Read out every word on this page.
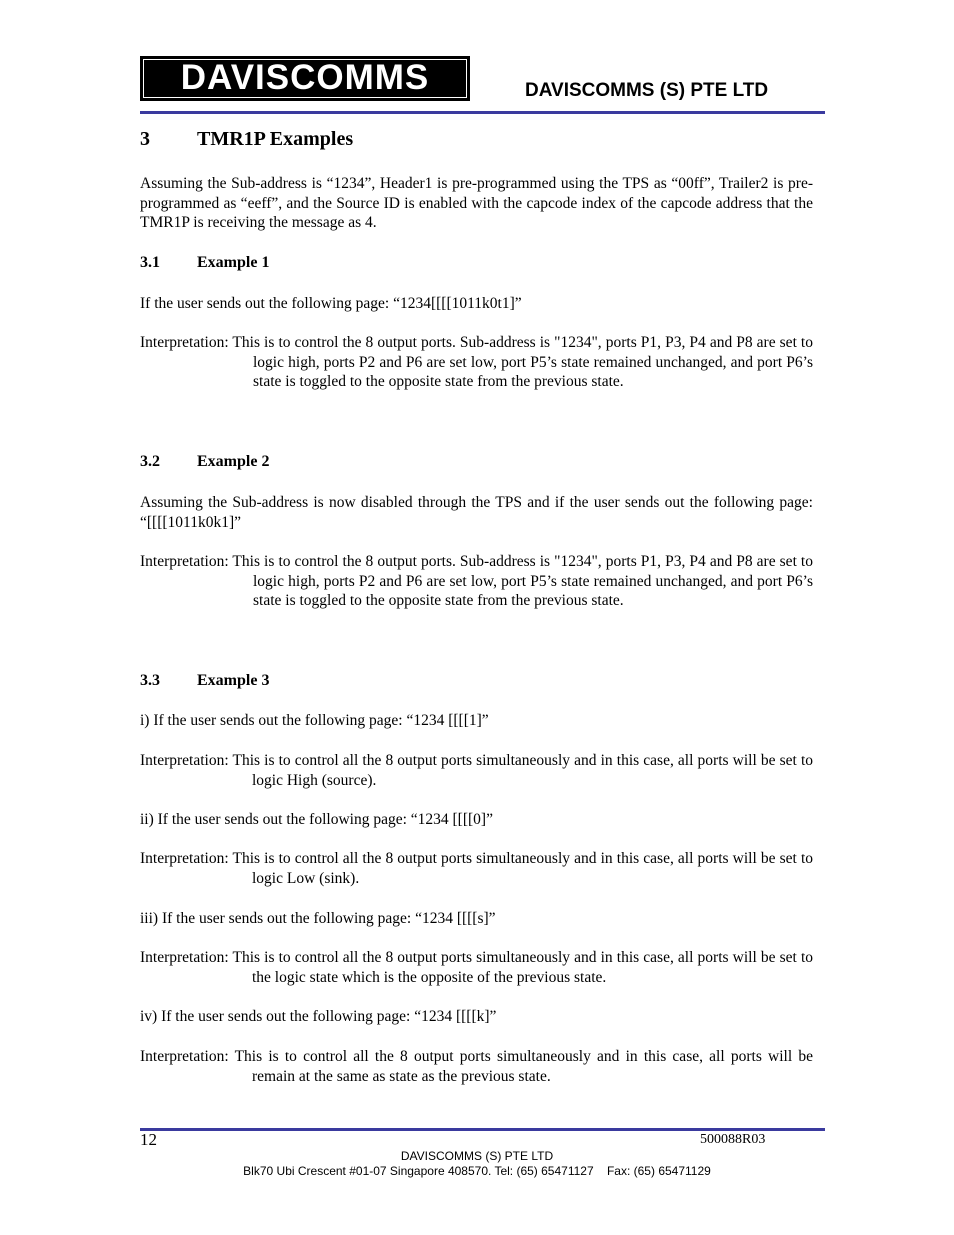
DAVISCOMMS	DAVISCOMMS (S) PTE LTD
3 TMR1P Examples
Assuming the Sub-address is “1234”, Header1 is pre-programmed using the TPS as “00ff”, Trailer2 is pre-programmed as “eeff”, and the Source ID is enabled with the capcode index of the capcode address that the TMR1P is receiving the message as 4.
3.1 Example 1
If the user sends out the following page: “1234[[[[1011k0t1]”
Interpretation: This is to control the 8 output ports. Sub-address is "1234", ports P1, P3, P4 and P8 are set to logic high, ports P2 and P6 are set low, port P5’s state remained unchanged, and port P6’s state is toggled to the opposite state from the previous state.
3.2 Example 2
Assuming the Sub-address is now disabled through the TPS and if the user sends out the following page: “[[[[1011k0k1]”
Interpretation: This is to control the 8 output ports. Sub-address is "1234", ports P1, P3, P4 and P8 are set to logic high, ports P2 and P6 are set low, port P5’s state remained unchanged, and port P6’s state is toggled to the opposite state from the previous state.
3.3 Example 3
i) If the user sends out the following page: “1234 [[[[1]”
Interpretation: This is to control all the 8 output ports simultaneously and in this case, all ports will be set to logic High (source).
ii) If the user sends out the following page: “1234 [[[[0]”
Interpretation: This is to control all the 8 output ports simultaneously and in this case, all ports will be set to logic Low (sink).
iii) If the user sends out the following page: “1234 [[[[s]”
Interpretation: This is to control all the 8 output ports simultaneously and in this case, all ports will be set to the logic state which is the opposite of the previous state.
iv) If the user sends out the following page: “1234 [[[[k]”
Interpretation: This is to control all the 8 output ports simultaneously and in this case, all ports will be remain at the same as state as the previous state.
12	500088R03
DAVISCOMMS (S) PTE LTD
Blk70 Ubi Crescent #01-07 Singapore 408570. Tel: (65) 65471127    Fax: (65) 65471129
